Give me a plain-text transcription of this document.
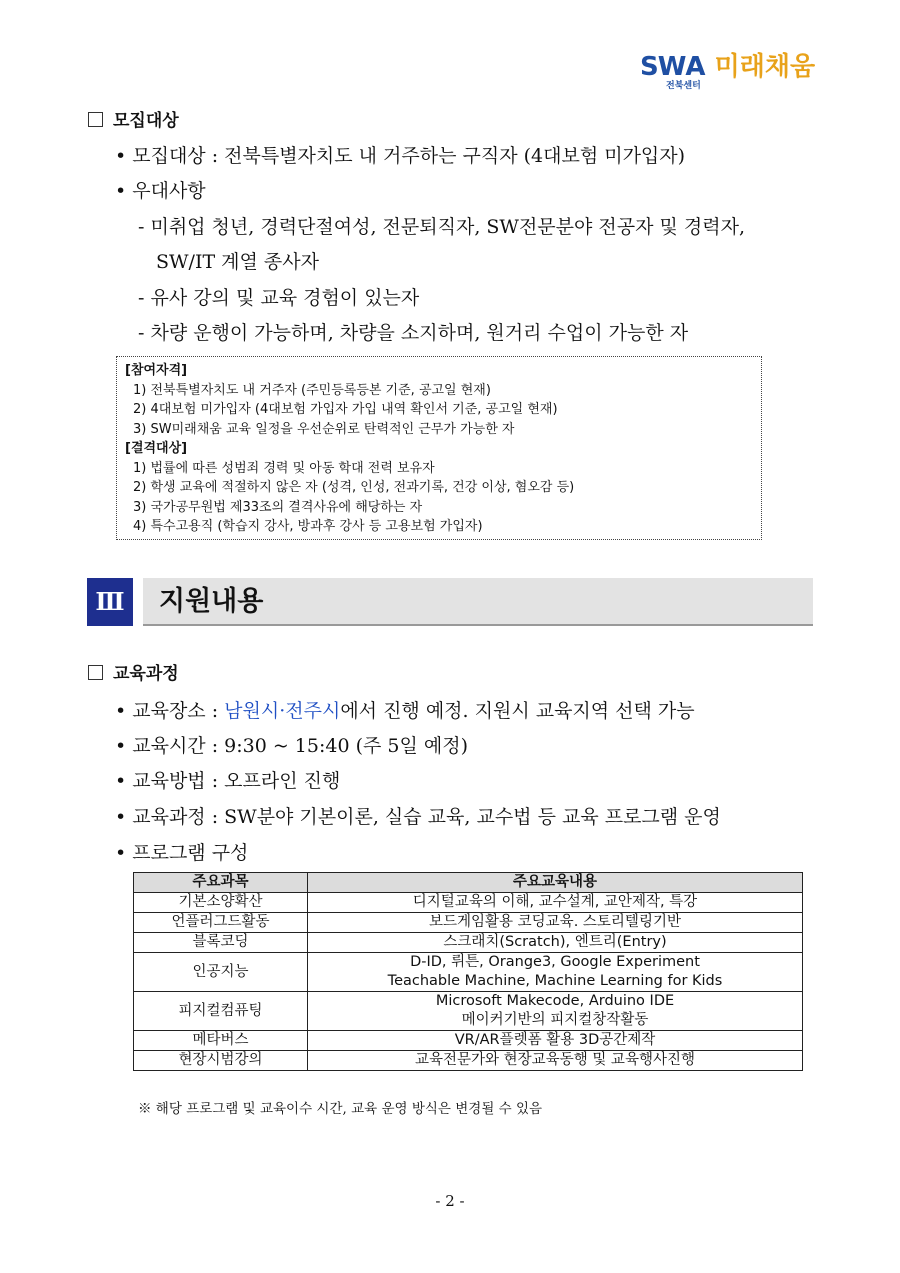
SWA 미래채움
전북센터
모집대상
• 모집대상 : 전북특별자치도 내 거주하는 구직자 (4대보험 미가입자)
• 우대사항
- 미취업 청년, 경력단절여성, 전문퇴직자, SW전문분야 전공자 및 경력자,
SW/IT 계열 종사자
- 유사 강의 및 교육 경험이 있는자
- 차량 운행이 가능하며, 차량을 소지하며, 원거리 수업이 가능한 자
[참여자격]
1) 전북특별자치도 내 거주자 (주민등록등본 기준, 공고일 현재)
2) 4대보험 미가입자 (4대보험 가입자 가입 내역 확인서 기준, 공고일 현재)
3) SW미래채움 교육 일정을 우선순위로 탄력적인 근무가 가능한 자
[결격대상]
1) 법률에 따른 성범죄 경력 및 아동 학대 전력 보유자
2) 학생 교육에 적절하지 않은 자 (성격, 인성, 전과기록, 건강 이상, 혐오감 등)
3) 국가공무원법 제33조의 결격사유에 해당하는 자
4) 특수고용직 (학습지 강사, 방과후 강사 등 고용보험 가입자)
Ⅲ	지원내용
교육과정
• 교육장소 : 남원시·전주시에서 진행 예정. 지원시 교육지역 선택 가능
• 교육시간 : 9:30 ~ 15:40 (주 5일 예정)
• 교육방법 : 오프라인 진행
• 교육과정 : SW분야 기본이론, 실습 교육, 교수법 등 교육 프로그램 운영
• 프로그램 구성
주요과목	주요교육내용
기본소양확산	디지털교육의 이해, 교수설계, 교안제작, 특강
언플러그드활동	보드게임활용 코딩교육. 스토리텔링기반
블록코딩	스크래치(Scratch), 엔트리(Entry)
인공지능	D-ID, 뤼튼, Orange3, Google Experiment
Teachable Machine, Machine Learning for Kids

피지컬컴퓨팅	Microsoft Makecode, Arduino IDE
메이커기반의 피지컬창작활동

메타버스	VR/AR플렛폼 활용 3D공간제작
현장시범강의	교육전문가와 현장교육동행 및 교육행사진행
※ 해당 프로그램 및 교육이수 시간, 교육 운영 방식은 변경될 수 있음
- 2 -
